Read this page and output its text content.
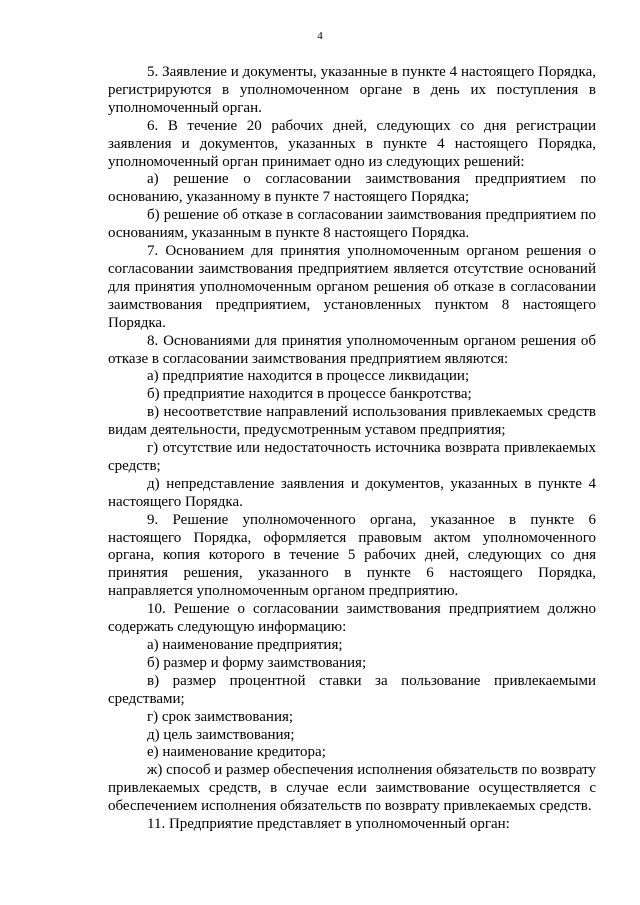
4

5. Заявление и документы, указанные в пункте 4 настоящего Порядка, регистрируются в уполномоченном органе в день их поступления в уполномоченный орган.

6. В течение 20 рабочих дней, следующих со дня регистрации заявления и документов, указанных в пункте 4 настоящего Порядка, уполномоченный орган принимает одно из следующих решений:

а) решение о согласовании заимствования предприятием по основанию, указанному в пункте 7 настоящего Порядка;

б) решение об отказе в согласовании заимствования предприятием по основаниям, указанным в пункте 8 настоящего Порядка.

7. Основанием для принятия уполномоченным органом решения о согласовании заимствования предприятием является отсутствие оснований для принятия уполномоченным органом решения об отказе в согласовании заимствования предприятием, установленных пунктом 8 настоящего Порядка.

8. Основаниями для принятия уполномоченным органом решения об отказе в согласовании заимствования предприятием являются:

а) предприятие находится в процессе ликвидации;

б) предприятие находится в процессе банкротства;

в) несоответствие направлений использования привлекаемых средств видам деятельности, предусмотренным уставом предприятия;

г) отсутствие или недостаточность источника возврата привлекаемых средств;

д) непредставление заявления и документов, указанных в пункте 4 настоящего Порядка.

9. Решение уполномоченного органа, указанное в пункте 6 настоящего Порядка, оформляется правовым актом уполномоченного органа, копия которого в течение 5 рабочих дней, следующих со дня принятия решения, указанного в пункте 6 настоящего Порядка, направляется уполномоченным органом предприятию.

10. Решение о согласовании заимствования предприятием должно содержать следующую информацию:

а) наименование предприятия;

б) размер и форму заимствования;

в) размер процентной ставки за пользование привлекаемыми средствами;

г) срок заимствования;

д) цель заимствования;

е) наименование кредитора;

ж) способ и размер обеспечения исполнения обязательств по возврату привлекаемых средств, в случае если заимствование осуществляется с обеспечением исполнения обязательств по возврату привлекаемых средств.

11. Предприятие представляет в уполномоченный орган:
